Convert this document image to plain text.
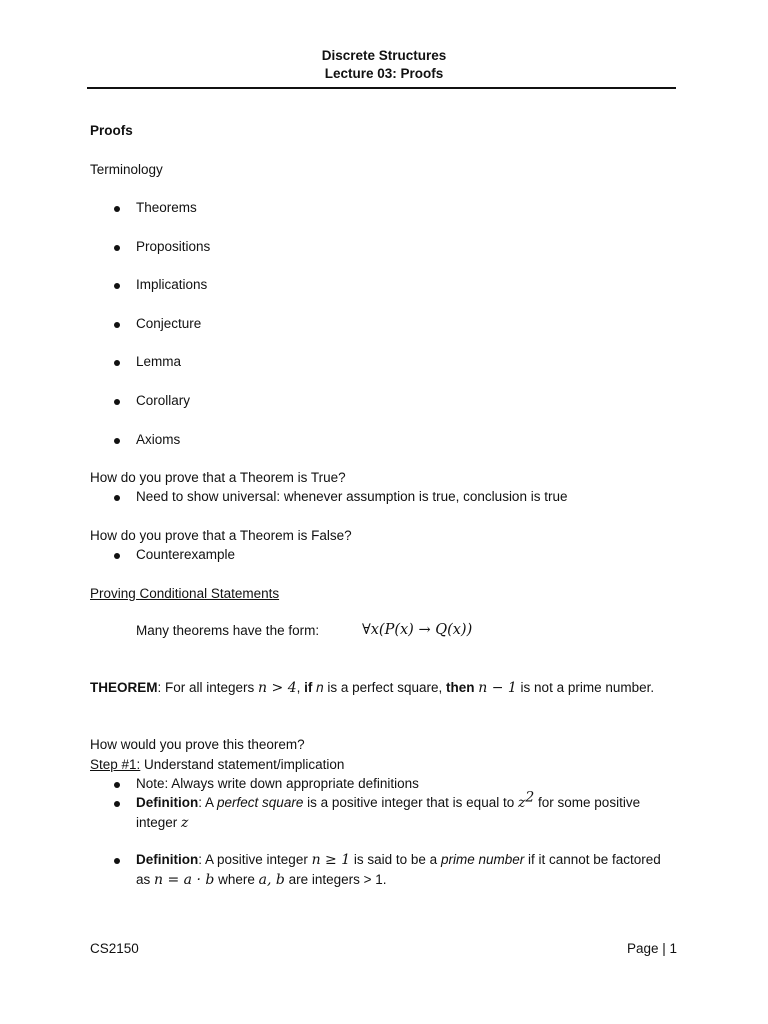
Discrete Structures
Lecture 03: Proofs
Proofs
Terminology
Theorems
Propositions
Implications
Conjecture
Lemma
Corollary
Axioms
How do you prove that a Theorem is True?
Need to show universal: whenever assumption is true, conclusion is true
How do you prove that a Theorem is False?
Counterexample
Proving Conditional Statements
Many theorems have the form:	∀x(P(x) → Q(x))
THEOREM: For all integers n > 4, if n is a perfect square, then n − 1 is not a prime number.
How would you prove this theorem?
Step #1: Understand statement/implication
Note: Always write down appropriate definitions
Definition: A perfect square is a positive integer that is equal to $z^2$ for some positive
integer z
Definition: A positive integer n ≥ 1 is said to be a prime number if it cannot be factored
as n = a · b where a, b are integers > 1.
CS2150	Page | 1
